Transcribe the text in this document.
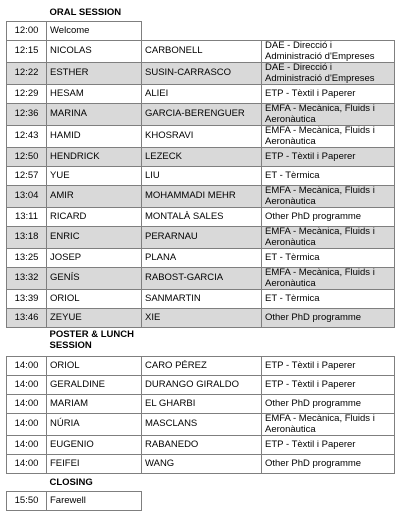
	ORAL SESSION		
12:00	Welcome		
12:15	NICOLAS	CARBONELL	DAE - Direcció i Administració d'Empreses
12:22	ESTHER	SUSIN-CARRASCO	DAE - Direcció i Administració d'Empreses
12:29	HESAM	ALIEI	ETP - Tèxtil i Paperer
12:36	MARINA	GARCIA-BERENGUER	EMFA - Mecànica, Fluids i Aeronàutica
12:43	HAMID	KHOSRAVI	EMFA - Mecànica, Fluids i Aeronàutica
12:50	HENDRICK	LEZECK	ETP - Tèxtil i Paperer
12:57	YUE	LIU	ET - Tèrmica
13:04	AMIR	MOHAMMADI MEHR	EMFA - Mecànica, Fluids i Aeronàutica
13:11	RICARD	MONTALÀ SALES	Other PhD programme
13:18	ENRIC	PERARNAU	EMFA - Mecànica, Fluids i Aeronàutica
13:25	JOSEP	PLANA	ET - Tèrmica
13:32	GENÍS	RABOST-GARCIA	EMFA - Mecànica, Fluids i Aeronàutica
13:39	ORIOL	SANMARTIN	ET - Tèrmica
13:46	ZEYUE	XIE	Other PhD programme
	POSTER & LUNCH SESSION		
14:00	ORIOL	CARO PÉREZ	ETP - Tèxtil i Paperer
14:00	GERALDINE	DURANGO GIRALDO	ETP - Tèxtil i Paperer
14:00	MARIAM	EL GHARBI	Other PhD programme
14:00	NÚRIA	MASCLANS	EMFA - Mecànica, Fluids i Aeronàutica
14:00	EUGENIO	RABANEDO	ETP - Tèxtil i Paperer
14:00	FEIFEI	WANG	Other PhD programme
	CLOSING		
15:50	Farewell		
